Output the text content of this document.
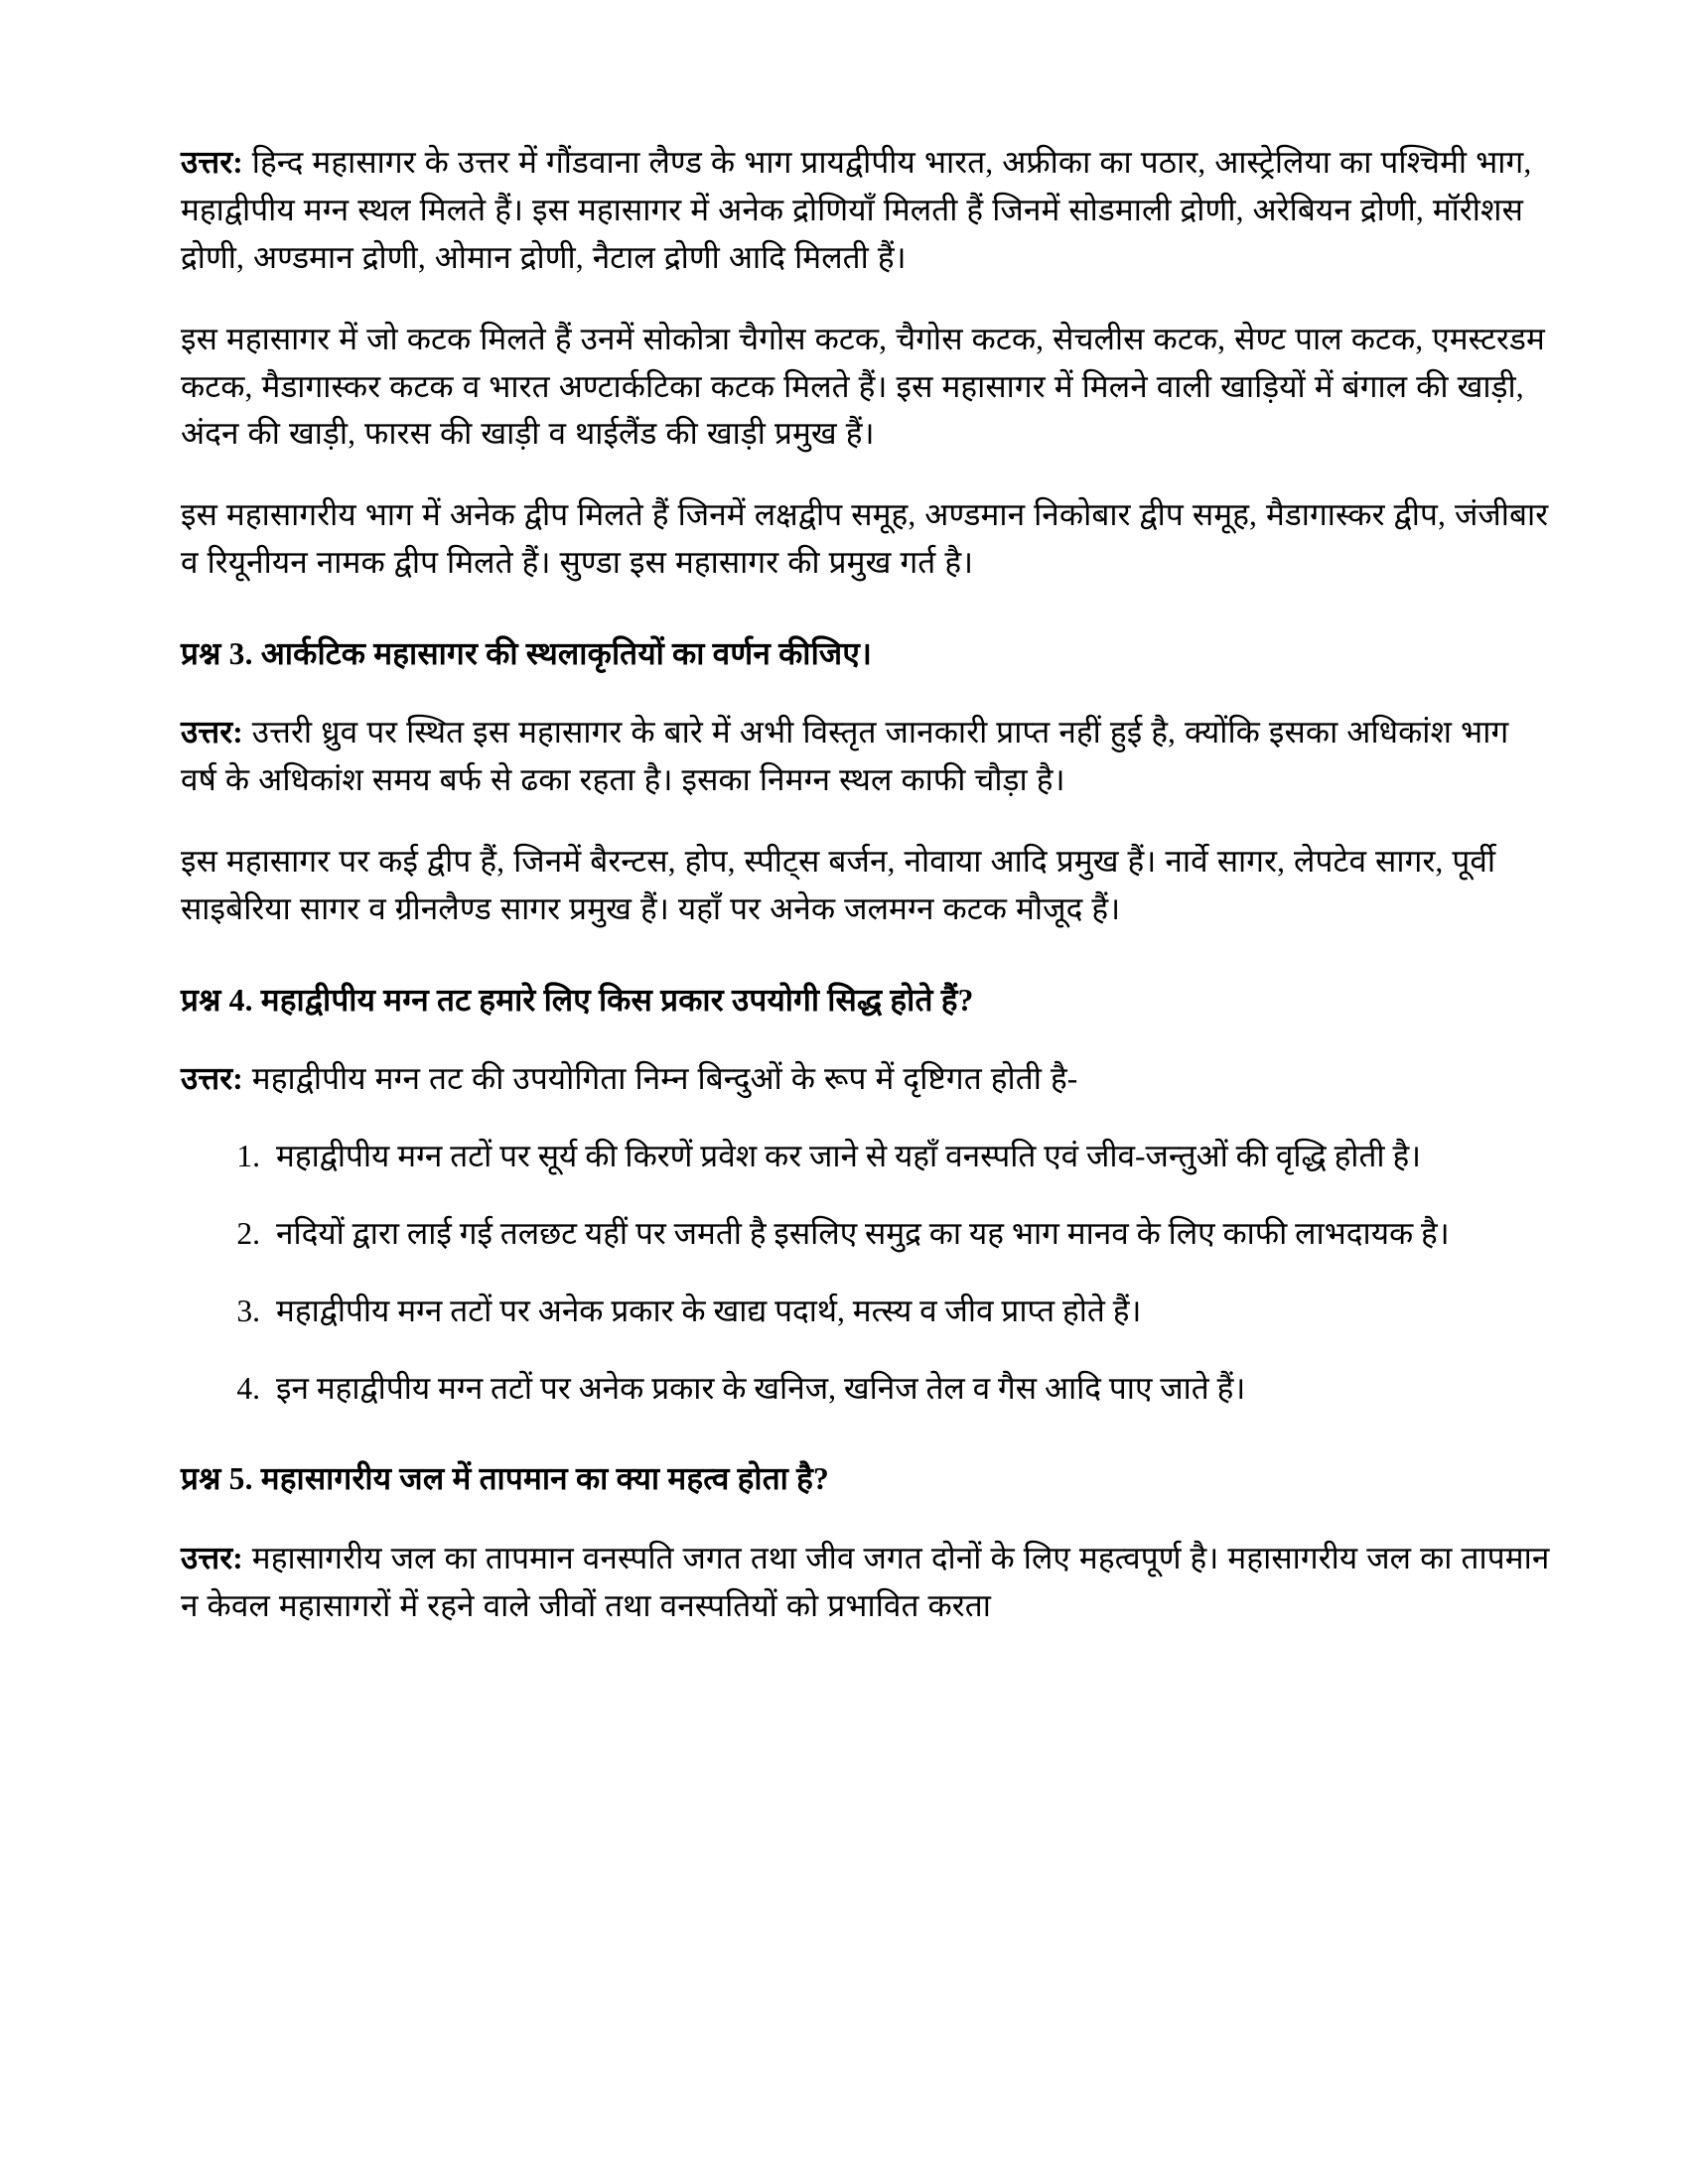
उत्तर: हिन्द महासागर के उत्तर में गौंडवाना लैण्ड के भाग प्रायद्वीपीय भारत, अफ्रीका का पठार, आस्ट्रेलिया का पश्चिमी भाग, महाद्वीपीय मग्न स्थल मिलते हैं। इस महासागर में अनेक द्रोणियाँ मिलती हैं जिनमें सोडमाली द्रोणी, अरेबियन द्रोणी, मॉरीशस द्रोणी, अण्डमान द्रोणी, ओमान द्रोणी, नैटाल द्रोणी आदि मिलती हैं।

इस महासागर में जो कटक मिलते हैं उनमें सोकोत्रा चैगोस कटक, चैगोस कटक, सेचलीस कटक, सेण्ट पाल कटक, एमस्टरडम कटक, मैडागास्कर कटक व भारत अण्टार्कटिका कटक मिलते हैं। इस महासागर में मिलने वाली खाड़ियों में बंगाल की खाड़ी, अंदन की खाड़ी, फारस की खाड़ी व थाईलैंड की खाड़ी प्रमुख हैं।

इस महासागरीय भाग में अनेक द्वीप मिलते हैं जिनमें लक्षद्वीप समूह, अण्डमान निकोबार द्वीप समूह, मैडागास्कर द्वीप, जंजीबार व रियूनीयन नामक द्वीप मिलते हैं। सुण्डा इस महासागर की प्रमुख गर्त है।

प्रश्न 3. आर्कटिक महासागर की स्थलाकृतियों का वर्णन कीजिए।

उत्तर: उत्तरी ध्रुव पर स्थित इस महासागर के बारे में अभी विस्तृत जानकारी प्राप्त नहीं हुई है, क्योंकि इसका अधिकांश भाग वर्ष के अधिकांश समय बर्फ से ढका रहता है। इसका निमग्न स्थल काफी चौड़ा है।

इस महासागर पर कई द्वीप हैं, जिनमें बैरन्टस, होप, स्पीट्स बर्जन, नोवाया आदि प्रमुख हैं। नार्वे सागर, लेपटेव सागर, पूर्वी साइबेरिया सागर व ग्रीनलैण्ड सागर प्रमुख हैं। यहाँ पर अनेक जलमग्न कटक मौजूद हैं।

प्रश्न 4. महाद्वीपीय मग्न तट हमारे लिए किस प्रकार उपयोगी सिद्ध होते हैं?

उत्तर: महाद्वीपीय मग्न तट की उपयोगिता निम्न बिन्दुओं के रूप में दृष्टिगत होती है-

महाद्वीपीय मग्न तटों पर सूर्य की किरणें प्रवेश कर जाने से यहाँ वनस्पति एवं जीव-जन्तुओं की वृद्धि होती है।
नदियों द्वारा लाई गई तलछट यहीं पर जमती है इसलिए समुद्र का यह भाग मानव के लिए काफी लाभदायक है।
महाद्वीपीय मग्न तटों पर अनेक प्रकार के खाद्य पदार्थ, मत्स्य व जीव प्राप्त होते हैं।
इन महाद्वीपीय मग्न तटों पर अनेक प्रकार के खनिज, खनिज तेल व गैस आदि पाए जाते हैं।
प्रश्न 5. महासागरीय जल में तापमान का क्या महत्व होता है?

उत्तर: महासागरीय जल का तापमान वनस्पति जगत तथा जीव जगत दोनों के लिए महत्वपूर्ण है। महासागरीय जल का तापमान न केवल महासागरों में रहने वाले जीवों तथा वनस्पतियों को प्रभावित करता
